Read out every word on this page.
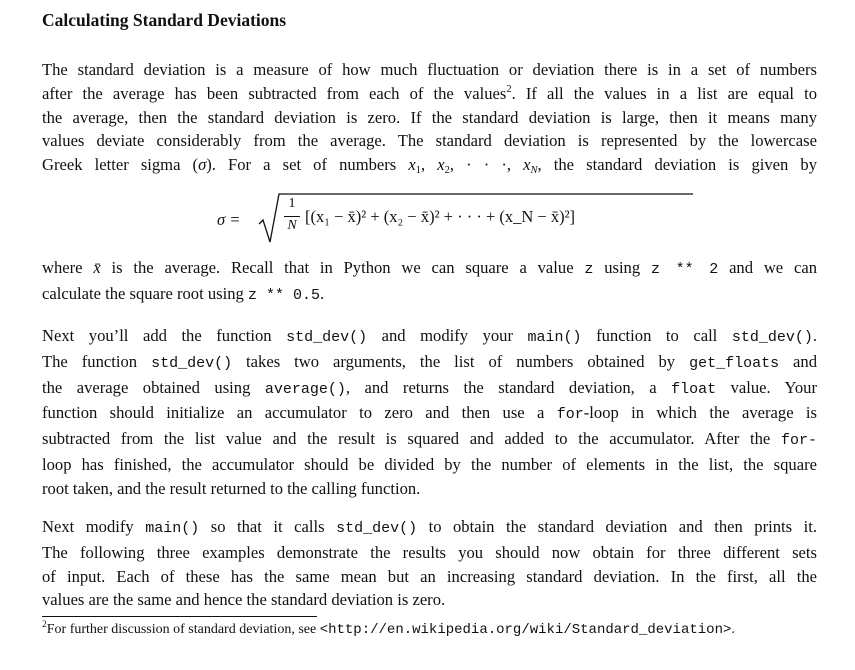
Calculating Standard Deviations
The standard deviation is a measure of how much fluctuation or deviation there is in a set of numbers
after the average has been subtracted from each of the values$^2$. If all the values in a list are equal to
the average, then the standard deviation is zero. If the standard deviation is large, then it means many
values deviate considerably from the average. The standard deviation is represented by the lowercase
Greek letter sigma (σ). For a set of numbers $x_1$, $x_2$, · · ·, $x_N$, the standard deviation is given by
σ =
1
N [(x₁ − x̄)² + (x₂ − x̄)² + · · · + (x_N − x̄)²]
where x̄ is the average. Recall that in Python we can square a value z using z ** 2 and we can
calculate the square root using z ** 0.5.
Next you’ll add the function std_dev() and modify your main() function to call std_dev().
The function std_dev() takes two arguments, the list of numbers obtained by get_floats and
the average obtained using average(), and returns the standard deviation, a float value. Your
function should initialize an accumulator to zero and then use a for-loop in which the average is
subtracted from the list value and the result is squared and added to the accumulator. After the for-
loop has finished, the accumulator should be divided by the number of elements in the list, the square
root taken, and the result returned to the calling function.
Next modify main() so that it calls std_dev() to obtain the standard deviation and then prints it.
The following three examples demonstrate the results you should now obtain for three different sets
of input. Each of these has the same mean but an increasing standard deviation. In the first, all the
values are the same and hence the standard deviation is zero.
$^2$For further discussion of standard deviation, see <http://en.wikipedia.org/wiki/Standard_deviation>.
